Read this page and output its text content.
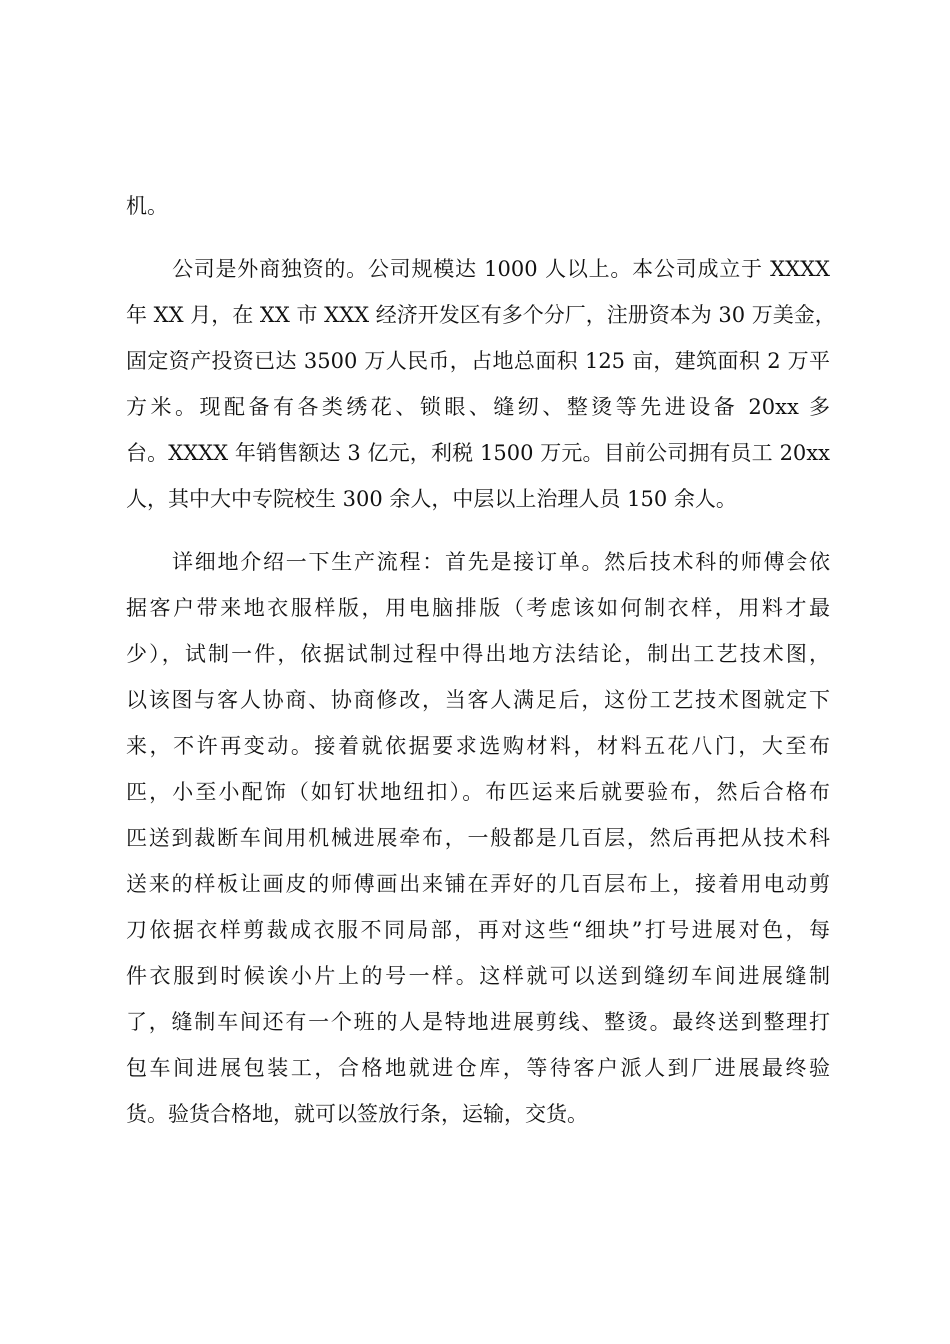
机。
公司是外商独资的。公司规模达 1000 人以上。本公司成立于 XXXX
年 XX 月，在 XX 市 XXX 经济开发区有多个分厂，注册资本为 30 万美金，
固定资产投资已达 3500 万人民币，占地总面积 125 亩，建筑面积 2 万平
方米。现配备有各类绣花、锁眼、缝纫、整烫等先进设备 20xx 多
台。XXXX 年销售额达 3 亿元，利税 1500 万元。目前公司拥有员工 20xx
人，其中大中专院校生 300 余人，中层以上治理人员 150 余人。
详细地介绍一下生产流程：首先是接订单。然后技术科的师傅会依
据客户带来地衣服样版，用电脑排版（考虑该如何制衣样，用料才最
少），试制一件，依据试制过程中得出地方法结论，制出工艺技术图，
以该图与客人协商、协商修改，当客人满足后，这份工艺技术图就定下
来，不许再变动。接着就依据要求选购材料，材料五花八门，大至布
匹，小至小配饰（如钉状地纽扣）。布匹运来后就要验布，然后合格布
匹送到裁断车间用机械进展牵布，一般都是几百层，然后再把从技术科
送来的样板让画皮的师傅画出来铺在弄好的几百层布上，接着用电动剪
刀依据衣样剪裁成衣服不同局部，再对这些“细块”打号进展对色，每
件衣服到时候诶小片上的号一样。这样就可以送到缝纫车间进展缝制
了，缝制车间还有一个班的人是特地进展剪线、整烫。最终送到整理打
包车间进展包装工，合格地就进仓库，等待客户派人到厂进展最终验
货。验货合格地，就可以签放行条，运输，交货。
